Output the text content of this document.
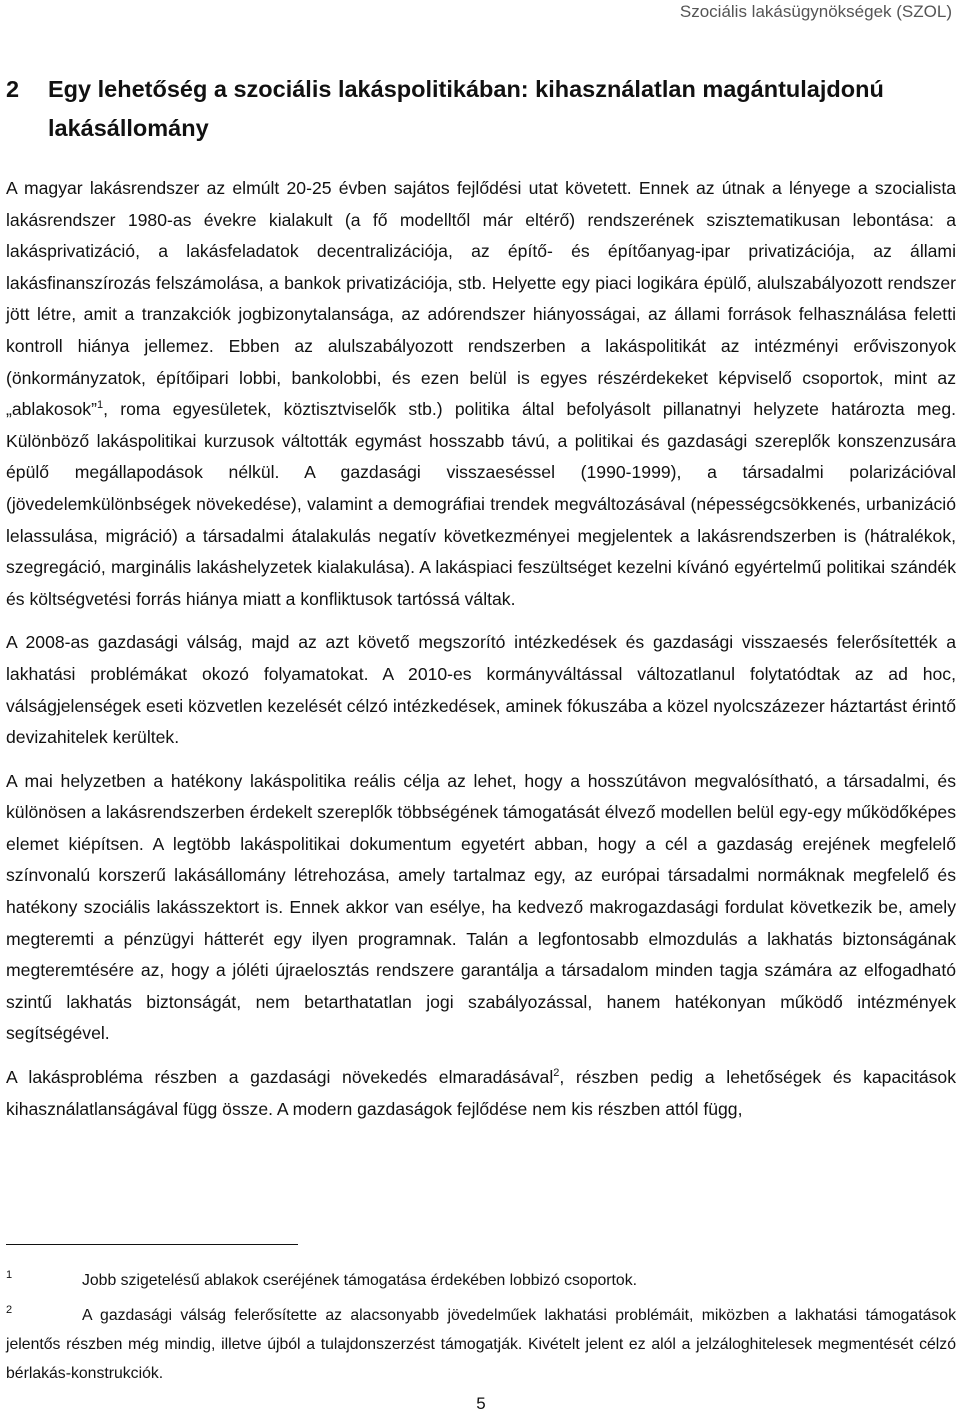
Szociális lakásügynökségek (SZOL)
2	Egy lehetőség a szociális lakáspolitikában: kihasználatlan magántulajdonú lakásállomány

A magyar lakásrendszer az elmúlt 20-25 évben sajátos fejlődési utat követett. Ennek az útnak a lényege a szocialista lakásrendszer 1980-as évekre kialakult (a fő modelltől már eltérő) rendszerének szisztematikusan lebontása: a lakásprivatizáció, a lakásfeladatok decentralizációja, az építő- és építőanyag-ipar privatizációja, az állami lakásfinanszírozás felszámolása, a bankok privatizációja, stb. Helyette egy piaci logikára épülő, alulszabályozott rendszer jött létre, amit a tranzakciók jogbizonytalansága, az adórendszer hiányosságai, az állami források felhasználása feletti kontroll hiánya jellemez. Ebben az alulszabályozott rendszerben a lakáspolitikát az intézményi erőviszonyok (önkormányzatok, építőipari lobbi, bankolobbi, és ezen belül is egyes részérdekeket képviselő csoportok, mint az „ablakosok”$^1$, roma egyesületek, köztisztviselők stb.) politika által befolyásolt pillanatnyi helyzete határozta meg. Különböző lakáspolitikai kurzusok váltották egymást hosszabb távú, a politikai és gazdasági szereplők konszenzusára épülő megállapodások nélkül. A gazdasági visszaeséssel (1990-1999), a társadalmi polarizációval (jövedelemkülönbségek növekedése), valamint a demográfiai trendek megváltozásával (népességcsökkenés, urbanizáció lelassulása, migráció) a társadalmi átalakulás negatív következményei megjelentek a lakásrendszerben is (hátralékok, szegregáció, marginális lakáshelyzetek kialakulása). A lakáspiaci feszültséget kezelni kívánó egyértelmű politikai szándék és költségvetési forrás hiánya miatt a konfliktusok tartóssá váltak.

A 2008-as gazdasági válság, majd az azt követő megszorító intézkedések és gazdasági visszaesés felerősítették a lakhatási problémákat okozó folyamatokat. A 2010-es kormányváltással változatlanul folytatódtak az ad hoc, válságjelenségek eseti közvetlen kezelését célzó intézkedések, aminek fókuszába a közel nyolcszázezer háztartást érintő devizahitelek kerültek.

A mai helyzetben a hatékony lakáspolitika reális célja az lehet, hogy a hosszútávon megvalósítható, a társadalmi, és különösen a lakásrendszerben érdekelt szereplők többségének támogatását élvező modellen belül egy-egy működőképes elemet kiépítsen. A legtöbb lakáspolitikai dokumentum egyetért abban, hogy a cél a gazdaság erejének megfelelő színvonalú korszerű lakásállomány létrehozása, amely tartalmaz egy, az európai társadalmi normáknak megfelelő és hatékony szociális lakásszektort is. Ennek akkor van esélye, ha kedvező makrogazdasági fordulat következik be, amely megteremti a pénzügyi hátterét egy ilyen programnak. Talán a legfontosabb elmozdulás a lakhatás biztonságának megteremtésére az, hogy a jóléti újraelosztás rendszere garantálja a társadalom minden tagja számára az elfogadható szintű lakhatás biztonságát, nem betarthatatlan jogi szabályozással, hanem hatékonyan működő intézmények segítségével.

A lakásprobléma részben a gazdasági növekedés elmaradásával$^2$, részben pedig a lehetőségek és kapacitások kihasználatlanságával függ össze. A modern gazdaságok fejlődése nem kis részben attól függ,

1	Jobb szigetelésű ablakok cseréjének támogatása érdekében lobbizó csoportok.
2	A gazdasági válság felerősítette az alacsonyabb jövedelműek lakhatási problémáit, miközben a lakhatási támogatások jelentős részben még mindig, illetve újból a tulajdonszerzést támogatják. Kivételt jelent ez alól a jelzáloghitelesek megmentését célzó bérlakás-konstrukciók.
5
